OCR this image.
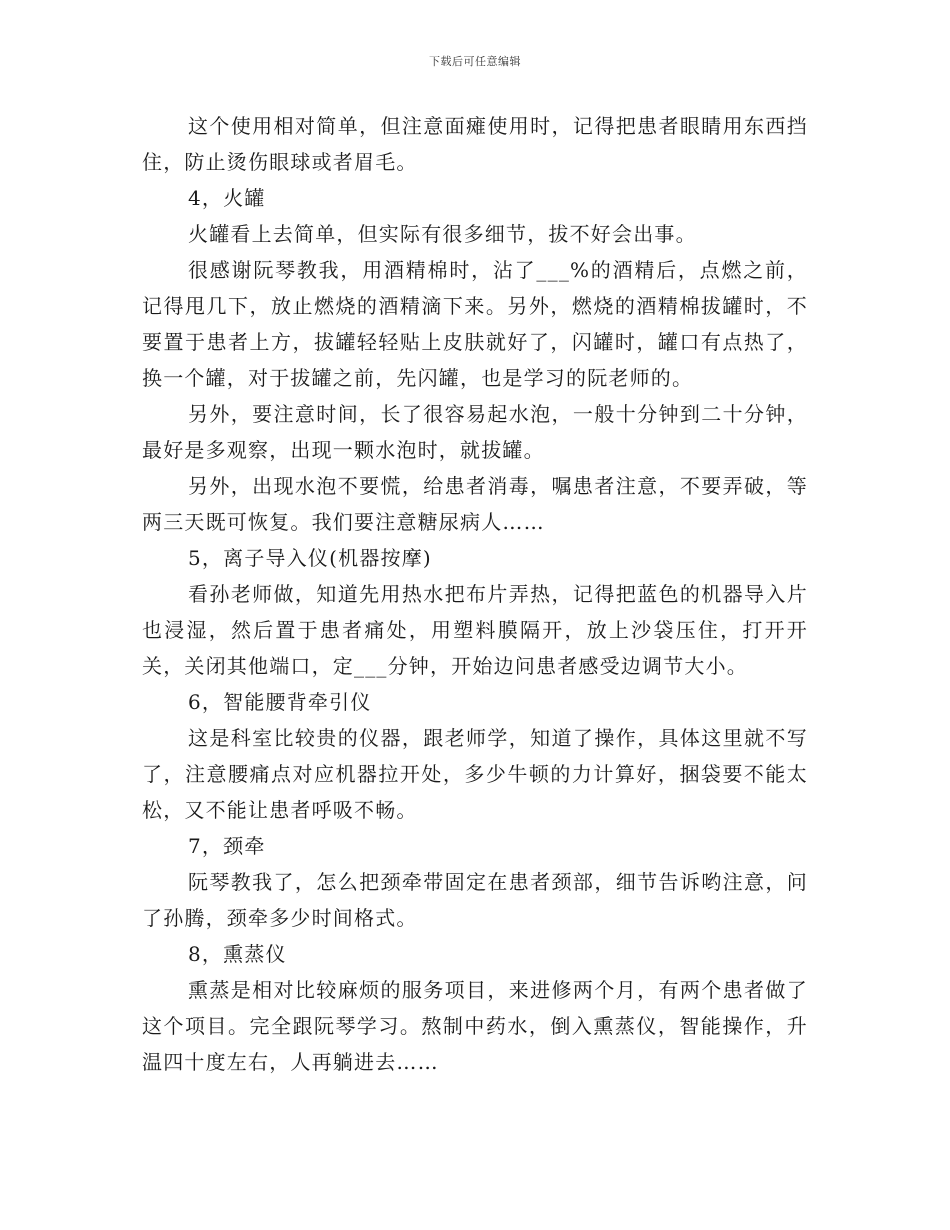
下载后可任意编辑

这个使用相对简单，但注意面瘫使用时，记得把患者眼睛用东西挡住，防止烫伤眼球或者眉毛。

4，火罐

火罐看上去简单，但实际有很多细节，拔不好会出事。

很感谢阮琴教我，用酒精棉时，沾了___%的酒精后，点燃之前，记得甩几下，放止燃烧的酒精滴下来。另外，燃烧的酒精棉拔罐时，不要置于患者上方，拔罐轻轻贴上皮肤就好了，闪罐时，罐口有点热了，换一个罐，对于拔罐之前，先闪罐，也是学习的阮老师的。

另外，要注意时间，长了很容易起水泡，一般十分钟到二十分钟，最好是多观察，出现一颗水泡时，就拔罐。

另外，出现水泡不要慌，给患者消毒，嘱患者注意，不要弄破，等两三天既可恢复。我们要注意糖尿病人……

5，离子导入仪(机器按摩)

看孙老师做，知道先用热水把布片弄热，记得把蓝色的机器导入片也浸湿，然后置于患者痛处，用塑料膜隔开，放上沙袋压住，打开开关，关闭其他端口，定___分钟，开始边问患者感受边调节大小。

6，智能腰背牵引仪

这是科室比较贵的仪器，跟老师学，知道了操作，具体这里就不写了，注意腰痛点对应机器拉开处，多少牛顿的力计算好，捆袋要不能太松，又不能让患者呼吸不畅。

7，颈牵

阮琴教我了，怎么把颈牵带固定在患者颈部，细节告诉哟注意，问了孙腾，颈牵多少时间格式。

8，熏蒸仪

熏蒸是相对比较麻烦的服务项目，来进修两个月，有两个患者做了这个项目。完全跟阮琴学习。熬制中药水，倒入熏蒸仪，智能操作，升温四十度左右，人再躺进去……
